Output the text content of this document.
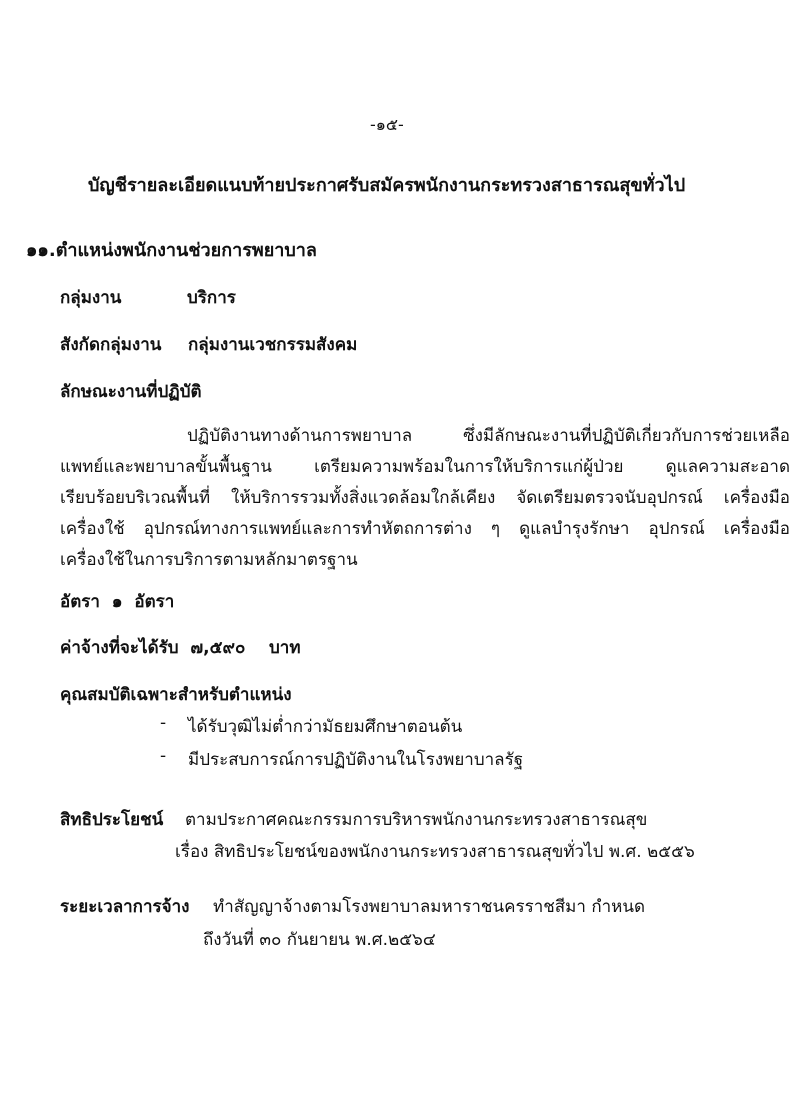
-๑๕-
บัญชีรายละเอียดแนบท้ายประกาศรับสมัครพนักงานกระทรวงสาธารณสุขทั่วไป
๑๑.ตำแหน่งพนักงานช่วยการพยาบาล
กลุ่มงาน	บริการ
สังกัดกลุ่มงาน กลุ่มงานเวชกรรมสังคม
ลักษณะงานที่ปฏิบัติ

ปฏิบัติงานทางด้านการพยาบาล ซึ่งมีลักษณะงานที่ปฏิบัติเกี่ยวกับการช่วยเหลือ

แพทย์และพยาบาลขั้นพื้นฐาน เตรียมความพร้อมในการให้บริการแก่ผู้ป่วย ดูแลความสะอาด

เรียบร้อยบริเวณพื้นที่ ให้บริการรวมทั้งสิ่งแวดล้อมใกล้เคียง จัดเตรียมตรวจนับอุปกรณ์ เครื่องมือ

เครื่องใช้ อุปกรณ์ทางการแพทย์และการทำหัตถการต่าง ๆ ดูแลบำรุงรักษา อุปกรณ์ เครื่องมือ

เครื่องใช้ในการบริการตามหลักมาตรฐาน

อัตรา ๑ อัตรา
ค่าจ้างที่จะได้รับ ๗,๕๙๐ บาท
คุณสมบัติเฉพาะสำหรับตำแหน่ง
- ได้รับวุฒิไม่ต่ำกว่ามัธยมศึกษาตอนต้น
- มีประสบการณ์การปฏิบัติงานในโรงพยาบาลรัฐ
สิทธิประโยชน์ ตามประกาศคณะกรรมการบริหารพนักงานกระทรวงสาธารณสุข
เรื่อง สิทธิประโยชน์ของพนักงานกระทรวงสาธารณสุขทั่วไป พ.ศ. ๒๕๕๖
ระยะเวลาการจ้าง ทำสัญญาจ้างตามโรงพยาบาลมหาราชนครราชสีมา กำหนด
ถึงวันที่ ๓๐ กันยายน พ.ศ.๒๕๖๔
